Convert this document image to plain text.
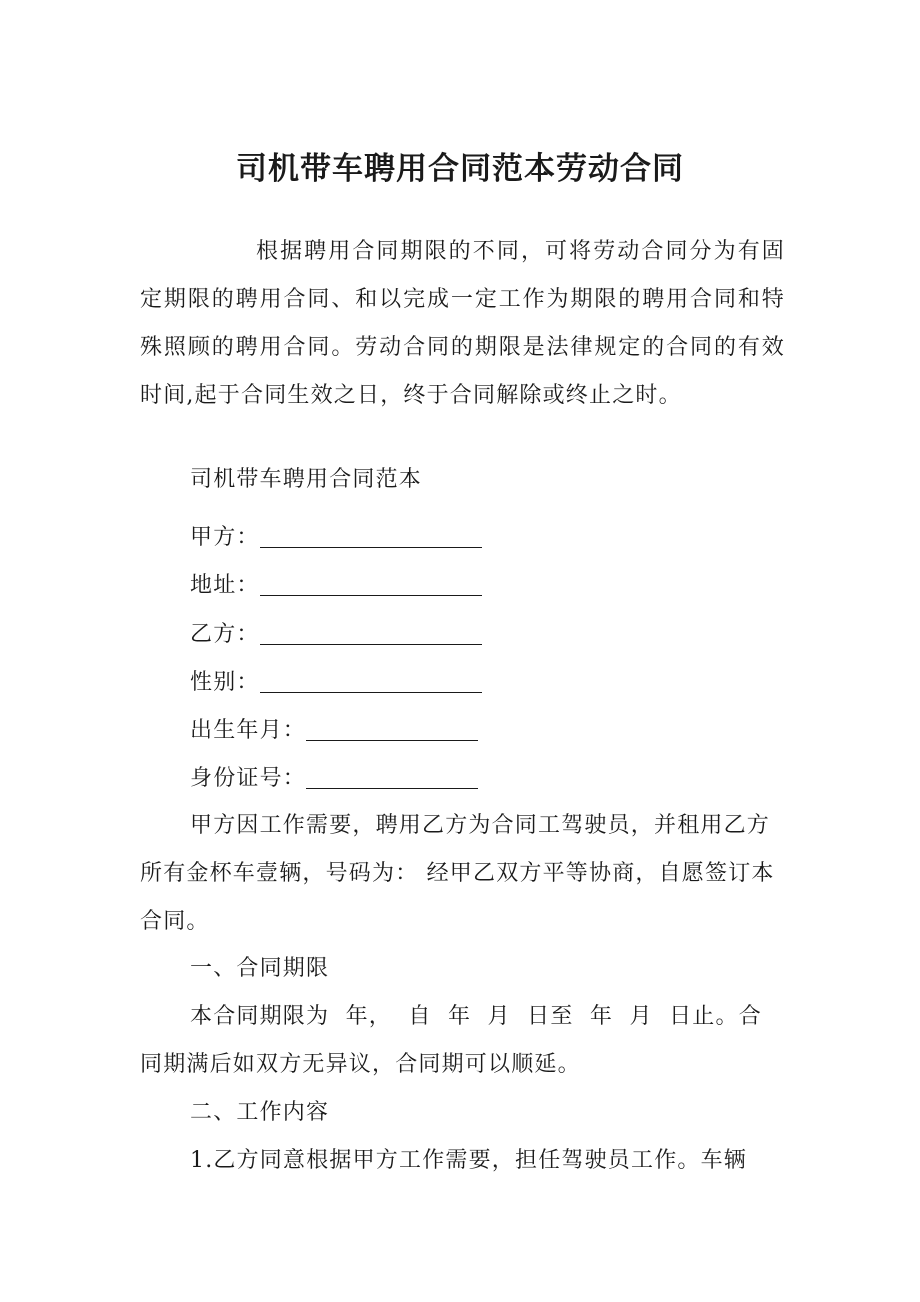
司机带车聘用合同范本劳动合同

根据聘用合同期限的不同，可将劳动合同分为有固定期限的聘用合同、和以完成一定工作为期限的聘用合同和特殊照顾的聘用合同。劳动合同的期限是法律规定的合同的有效时间,起于合同生效之日，终于合同解除或终止之时。

司机带车聘用合同范本
甲方：
地址：
乙方：
性别：
出生年月：
身份证号：

甲方因工作需要，聘用乙方为合同工驾驶员，并租用乙方所有金杯车壹辆，号码为： 经甲乙双方平等协商，自愿签订本合同。

一、合同期限

本合同期限为  年，  自  年  月  日至  年  月  日止。合同期满后如双方无异议，合同期可以顺延。

二、工作内容

1.乙方同意根据甲方工作需要，担任驾驶员工作。车辆
